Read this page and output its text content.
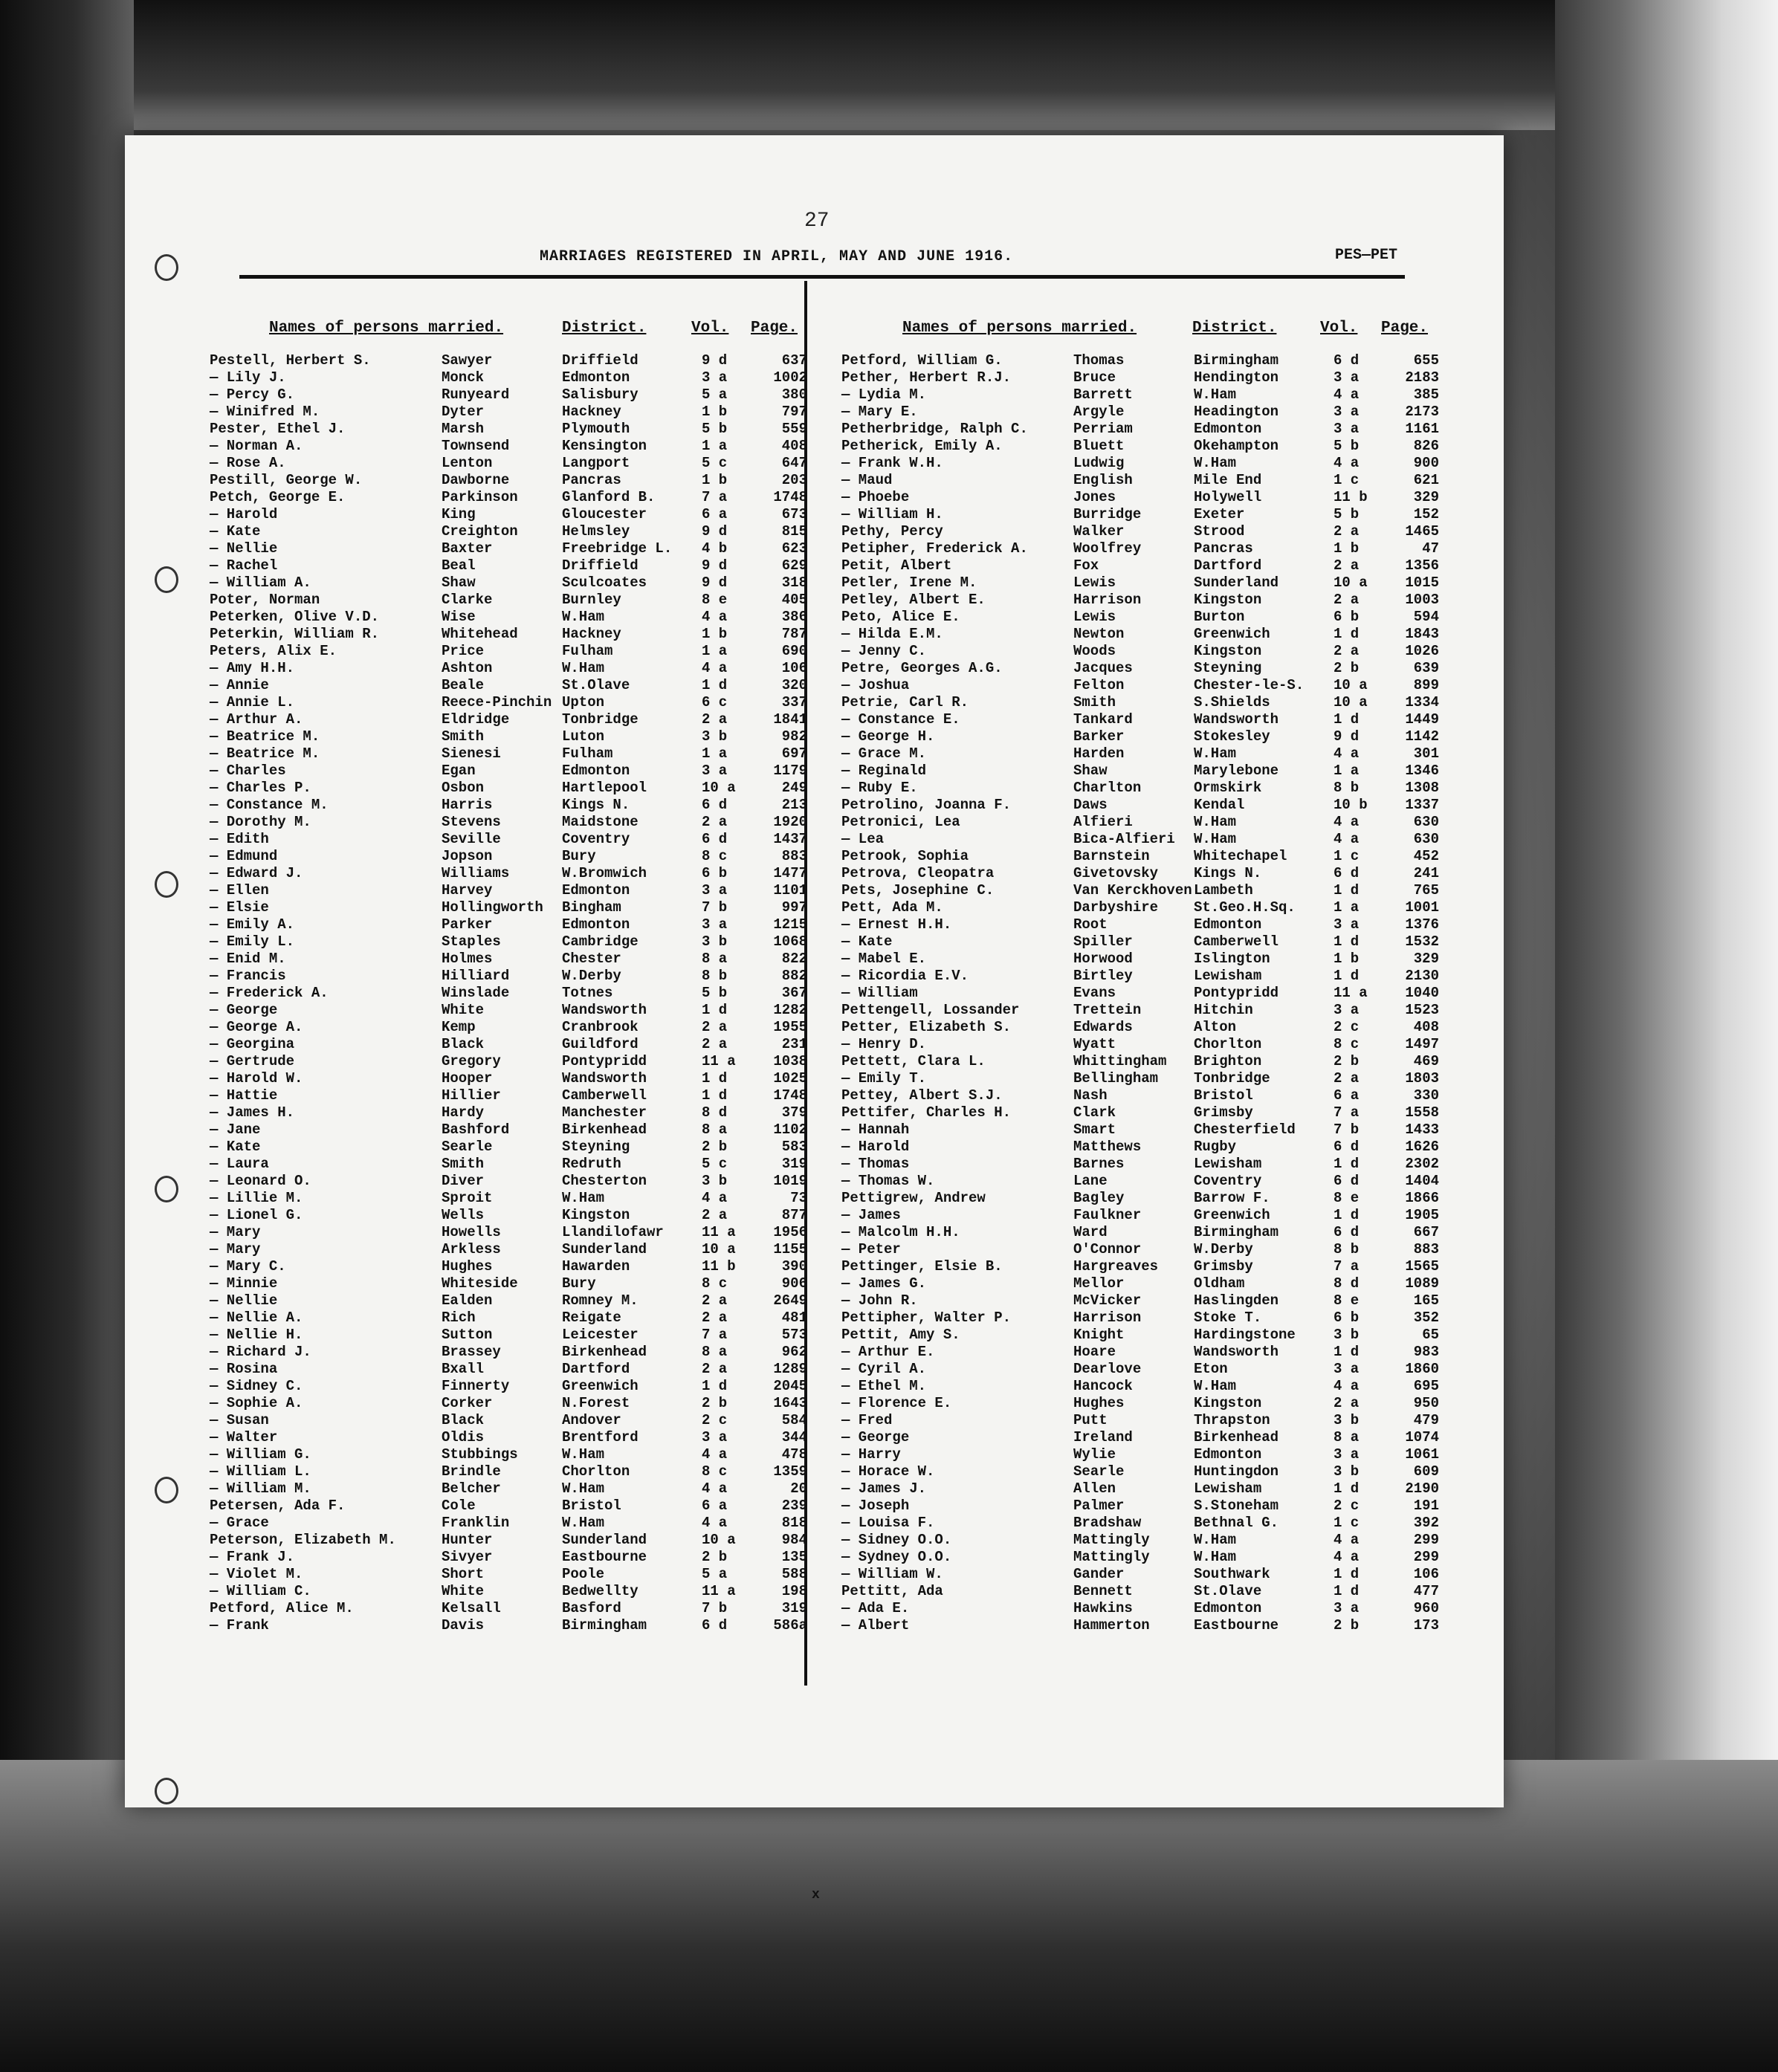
27
MARRIAGES REGISTERED IN APRIL, MAY AND JUNE 1916.	PES—PET
Names of persons married.	District.	Vol. Page.	Names of persons married.	District.	Vol. Page.
Pestell, Herbert S.	Sawyer	Driffield	9 d	637
— Lily J.	Monck	Edmonton	3 a	1002
— Percy G.	Runyeard	Salisbury	5 a	380
— Winifred M.	Dyter	Hackney	1 b	797
Pester, Ethel J.	Marsh	Plymouth	5 b	559
— Norman A.	Townsend	Kensington	1 a	408
— Rose A.	Lenton	Langport	5 c	647
Pestill, George W.	Dawborne	Pancras	1 b	203
Petch, George E.	Parkinson	Glanford B.	7 a	1748
— Harold	King	Gloucester	6 a	673
— Kate	Creighton	Helmsley	9 d	815
— Nellie	Baxter	Freebridge L. 4 b	623
— Rachel	Beal	Driffield	9 d	629
— William A.	Shaw	Sculcoates	9 d	318
Poter, Norman	Clarke	Burnley	8 e	405
Peterken, Olive V.D.	Wise	W.Ham	4 a	386
Peterkin, William R.	Whitehead	Hackney	1 b	787
Peters, Alix E.	Price	Fulham	1 a	690
— Amy H.H.	Ashton	W.Ham	4 a	106
— Annie	Beale	St.Olave	1 d	320
— Annie L.	Reece-Pinchin Upton	6 c	337
— Arthur A.	Eldridge	Tonbridge	2 a	1841
— Beatrice M.	Smith	Luton	3 b	982
— Beatrice M.	Sienesi	Fulham	1 a	697
— Charles	Egan	Edmonton	3 a	1179
— Charles P.	Osbon	Hartlepool	10 a	249
— Constance M.	Harris	Kings N.	6 d	213
— Dorothy M.	Stevens	Maidstone	2 a	1920
— Edith	Seville	Coventry	6 d	1437
— Edmund	Jopson	Bury	8 c	883
— Edward J.	Williams	W.Bromwich	6 b	1477
— Ellen	Harvey	Edmonton	3 a	1101
— Elsie	Hollingworth Bingham	7 b	997
— Emily A.	Parker	Edmonton	3 a	1215
— Emily L.	Staples	Cambridge	3 b	1068
— Enid M.	Holmes	Chester	8 a	822
— Francis	Hilliard	W.Derby	8 b	882
— Frederick A.	Winslade	Totnes	5 b	367
— George	White	Wandsworth	1 d	1282
— George A.	Kemp	Cranbrook	2 a	1955
— Georgina	Black	Guildford	2 a	231
— Gertrude	Gregory	Pontypridd	11 a	1038
— Harold W.	Hooper	Wandsworth	1 d	1025
— Hattie	Hillier	Camberwell	1 d	1748
— James H.	Hardy	Manchester	8 d	379
— Jane	Bashford	Birkenhead	8 a	1102
— Kate	Searle	Steyning	2 b	583
— Laura	Smith	Redruth	5 c	319
— Leonard O.	Diver	Chesterton	3 b	1019
— Lillie M.	Sproit	W.Ham	4 a	73
— Lionel G.	Wells	Kingston	2 a	877
— Mary	Howells	Llandilofawr	11 a	1956
— Mary	Arkless	Sunderland	10 a	1155
— Mary C.	Hughes	Hawarden	11 b	390
— Minnie	Whiteside	Bury	8 c	906
— Nellie	Ealden	Romney M.	2 a	2649
— Nellie A.	Rich	Reigate	2 a	481
— Nellie H.	Sutton	Leicester	7 a	573
— Richard J.	Brassey	Birkenhead	8 a	962
— Rosina	Bxall	Dartford	2 a	1289
— Sidney C.	Finnerty	Greenwich	1 d	2045
— Sophie A.	Corker	N.Forest	2 b	1643
— Susan	Black	Andover	2 c	584
— Walter	Oldis	Brentford	3 a	344
— William G.	Stubbings	W.Ham	4 a	478
— William L.	Brindle	Chorlton	8 c	1359
— William M.	Belcher	W.Ham	4 a	20
Petersen, Ada F.	Cole	Bristol	6 a	239
— Grace	Franklin	W.Ham	4 a	818
Peterson, Elizabeth M.	Hunter	Sunderland	10 a	984
— Frank J.	Sivyer	Eastbourne	2 b	135
— Violet M.	Short	Poole	5 a	588
— William C.	White	Bedwellty	11 a	198
Petford, Alice M.	Kelsall	Basford	7 b	319
— Frank	Davis	Birmingham	6 d	586a
Petford, William G.	Thomas	Birmingham	6 d	655
Pether, Herbert R.J.	Bruce	Hendington	3 a	2183
— Lydia M.	Barrett	W.Ham	4 a	385
— Mary E.	Argyle	Headington	3 a	2173
Petherbridge, Ralph C.	Perriam	Edmonton	3 a	1161
Petherick, Emily A.	Bluett	Okehampton	5 b	826
— Frank W.H.	Ludwig	W.Ham	4 a	900
— Maud	English	Mile End	1 c	621
— Phoebe	Jones	Holywell	11 b	329
— William H.	Burridge	Exeter	5 b	152
Pethy, Percy	Walker	Strood	2 a	1465
Petipher, Frederick A.	Woolfrey	Pancras	1 b	47
Petit, Albert	Fox	Dartford	2 a	1356
Petler, Irene M.	Lewis	Sunderland	10 a	1015
Petley, Albert E.	Harrison	Kingston	2 a	1003
Peto, Alice E.	Lewis	Burton	6 b	594
— Hilda E.M.	Newton	Greenwich	1 d	1843
— Jenny C.	Woods	Kingston	2 a	1026
Petre, Georges A.G.	Jacques	Steyning	2 b	639
— Joshua	Felton	Chester-le-S. 10 a	899
Petrie, Carl R.	Smith	S.Shields	10 a	1334
— Constance E.	Tankard	Wandsworth	1 d	1449
— George H.	Barker	Stokesley	9 d	1142
— Grace M.	Harden	W.Ham	4 a	301
— Reginald	Shaw	Marylebone	1 a	1346
— Ruby E.	Charlton	Ormskirk	8 b	1308
Petrolino, Joanna F.	Daws	Kendal	10 b	1337
Petronici, Lea	Alfieri	W.Ham	4 a	630
— Lea	Bica-Alfieri W.Ham	4 a	630
Petrook, Sophia	Barnstein	Whitechapel	1 c	452
Petrova, Cleopatra	Givetovsky	Kings N.	6 d	241
Pets, Josephine C.	Van Kerckhoven Lambeth	1 d	765
Pett, Ada M.	Darbyshire	St.Geo.H.Sq.	1 a	1001
— Ernest H.H.	Root	Edmonton	3 a	1376
— Kate	Spiller	Camberwell	1 d	1532
— Mabel E.	Horwood	Islington	1 b	329
— Ricordia E.V.	Birtley	Lewisham	1 d	2130
— William	Evans	Pontypridd	11 a	1040
Pettengell, Lossander	Trettein	Hitchin	3 a	1523
Petter, Elizabeth S.	Edwards	Alton	2 c	408
— Henry D.	Wyatt	Chorlton	8 c	1497
Pettett, Clara L.	Whittingham Brighton	2 b	469
— Emily T.	Bellingham	Tonbridge	2 a	1803
Pettey, Albert S.J.	Nash	Bristol	6 a	330
Pettifer, Charles H.	Clark	Grimsby	7 a	1558
— Hannah	Smart	Chesterfield	7 b	1433
— Harold	Matthews	Rugby	6 d	1626
— Thomas	Barnes	Lewisham	1 d	2302
— Thomas W.	Lane	Coventry	6 d	1404
Pettigrew, Andrew	Bagley	Barrow F.	8 e	1866
— James	Faulkner	Greenwich	1 d	1905
— Malcolm H.H.	Ward	Birmingham	6 d	667
— Peter	O'Connor	W.Derby	8 b	883
Pettinger, Elsie B.	Hargreaves	Grimsby	7 a	1565
— James G.	Mellor	Oldham	8 d	1089
— John R.	McVicker	Haslingden	8 e	165
Pettipher, Walter P.	Harrison	Stoke T.	6 b	352
Pettit, Amy S.	Knight	Hardingstone	3 b	65
— Arthur E.	Hoare	Wandsworth	1 d	983
— Cyril A.	Dearlove	Eton	3 a	1860
— Ethel M.	Hancock	W.Ham	4 a	695
— Florence E.	Hughes	Kingston	2 a	950
— Fred	Putt	Thrapston	3 b	479
— George	Ireland	Birkenhead	8 a	1074
— Harry	Wylie	Edmonton	3 a	1061
— Horace W.	Searle	Huntingdon	3 b	609
— James J.	Allen	Lewisham	1 d	2190
— Joseph	Palmer	S.Stoneham	2 c	191
— Louisa F.	Bradshaw	Bethnal G.	1 c	392
— Sidney O.O.	Mattingly	W.Ham	4 a	299
— Sydney O.O.	Mattingly	W.Ham	4 a	299
— William W.	Gander	Southwark	1 d	106
Pettitt, Ada	Bennett	St.Olave	1 d	477
— Ada E.	Hawkins	Edmonton	3 a	960
— Albert	Hammerton	Eastbourne	2 b	173
x
